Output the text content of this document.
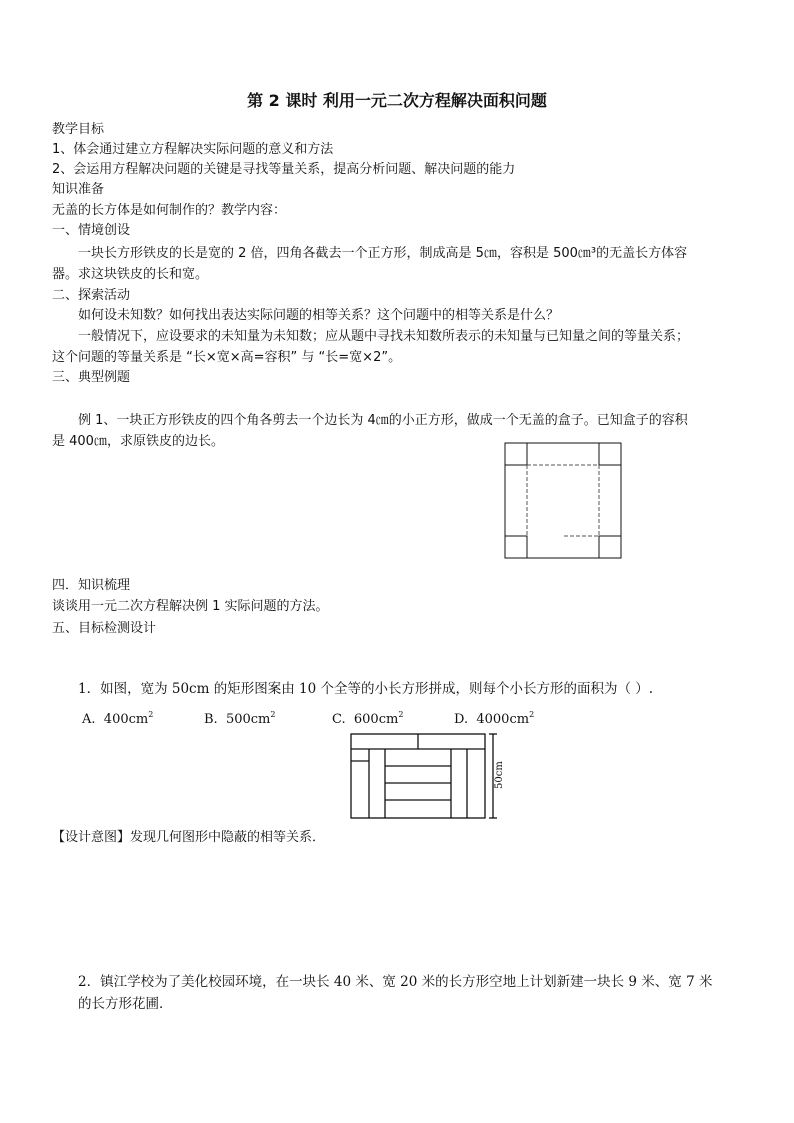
第 2 课时 利用一元二次方程解决面积问题
教学目标
1、体会通过建立方程解决实际问题的意义和方法
2、会运用方程解决问题的关键是寻找等量关系，提高分析问题、解决问题的能力
知识准备
无盖的长方体是如何制作的？教学内容：
一、情境创设
一块长方形铁皮的长是宽的 2 倍，四角各截去一个正方形，制成高是 5㎝，容积是 500㎝³的无盖长方体容
器。求这块铁皮的长和宽。
二、探索活动
如何设未知数？如何找出表达实际问题的相等关系？这个问题中的相等关系是什么？
一般情况下，应设要求的未知量为未知数；应从题中寻找未知数所表示的未知量与已知量之间的等量关系；
这个问题的等量关系是 “长×宽×高=容积” 与 “长=宽×2”。
三、典型例题
例 1、一块正方形铁皮的四个角各剪去一个边长为 4㎝的小正方形，做成一个无盖的盒子。已知盒子的容积
是 400㎝，求原铁皮的边长。
四．知识梳理
谈谈用一元二次方程解决例 1 实际问题的方法。
五、目标检测设计
1．如图，宽为 50cm 的矩形图案由 10 个全等的小长方形拼成，则每个小长方形的面积为（ ）.
A. $400cm^2$	B. $500cm^2$	C. $600cm^2$	D. $4000cm^2$
50cm
【设计意图】发现几何图形中隐蔽的相等关系．
2．镇江学校为了美化校园环境，在一块长 40 米、宽 20 米的长方形空地上计划新建一块长 9 米、宽 7 米
的长方形花圃．
